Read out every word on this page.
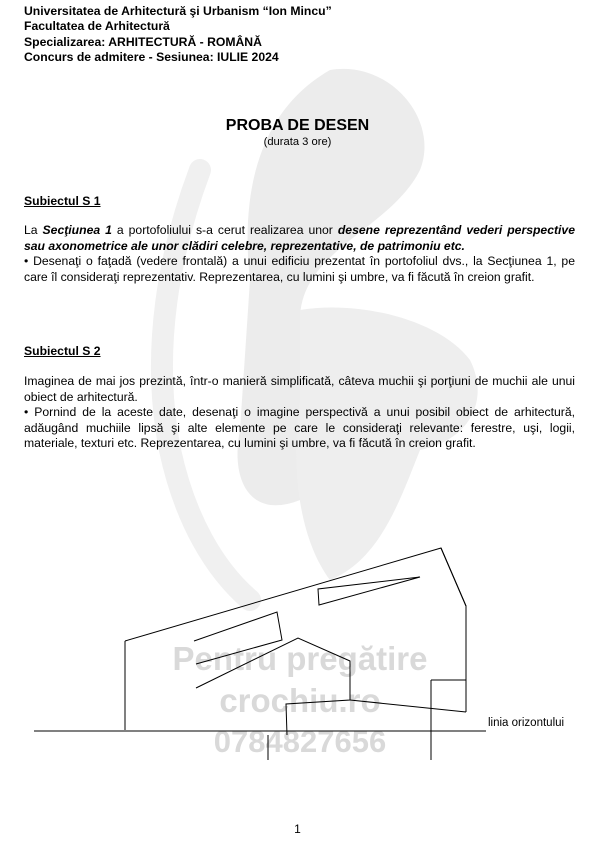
Universitatea de Arhitectură şi Urbanism “Ion Mincu”
Facultatea de Arhitectură
Specializarea: ARHITECTURĂ - ROMÂNĂ
Concurs de admitere - Sesiunea: IULIE 2024
PROBA DE DESEN
(durata 3 ore)
Subiectul S 1

La Secţiunea 1 a portofoliului s-a cerut realizarea unor desene reprezentând vederi perspective sau axonometrice ale unor clădiri celebre, reprezentative, de patrimoniu etc.

• Desenaţi o faţadă (vedere frontală) a unui edificiu prezentat în portofoliul dvs., la Secţiunea 1, pe care îl consideraţi reprezentativ. Reprezentarea, cu lumini şi umbre, va fi făcută în creion grafit.

Subiectul S 2

Imaginea de mai jos prezintă, într-o manieră simplificată, câteva muchii şi porţiuni de muchii ale unui obiect de arhitectură.

• Pornind de la aceste date, desenaţi o imagine perspectivă a unui posibil obiect de arhitectură, adăugând muchiile lipsă şi alte elemente pe care le consideraţi relevante: ferestre, uşi, logii, materiale, texturi etc. Reprezentarea, cu lumini şi umbre, va fi făcută în creion grafit.

Pentru pregătire
crochiu.ro
0784827656
linia orizontului
1
